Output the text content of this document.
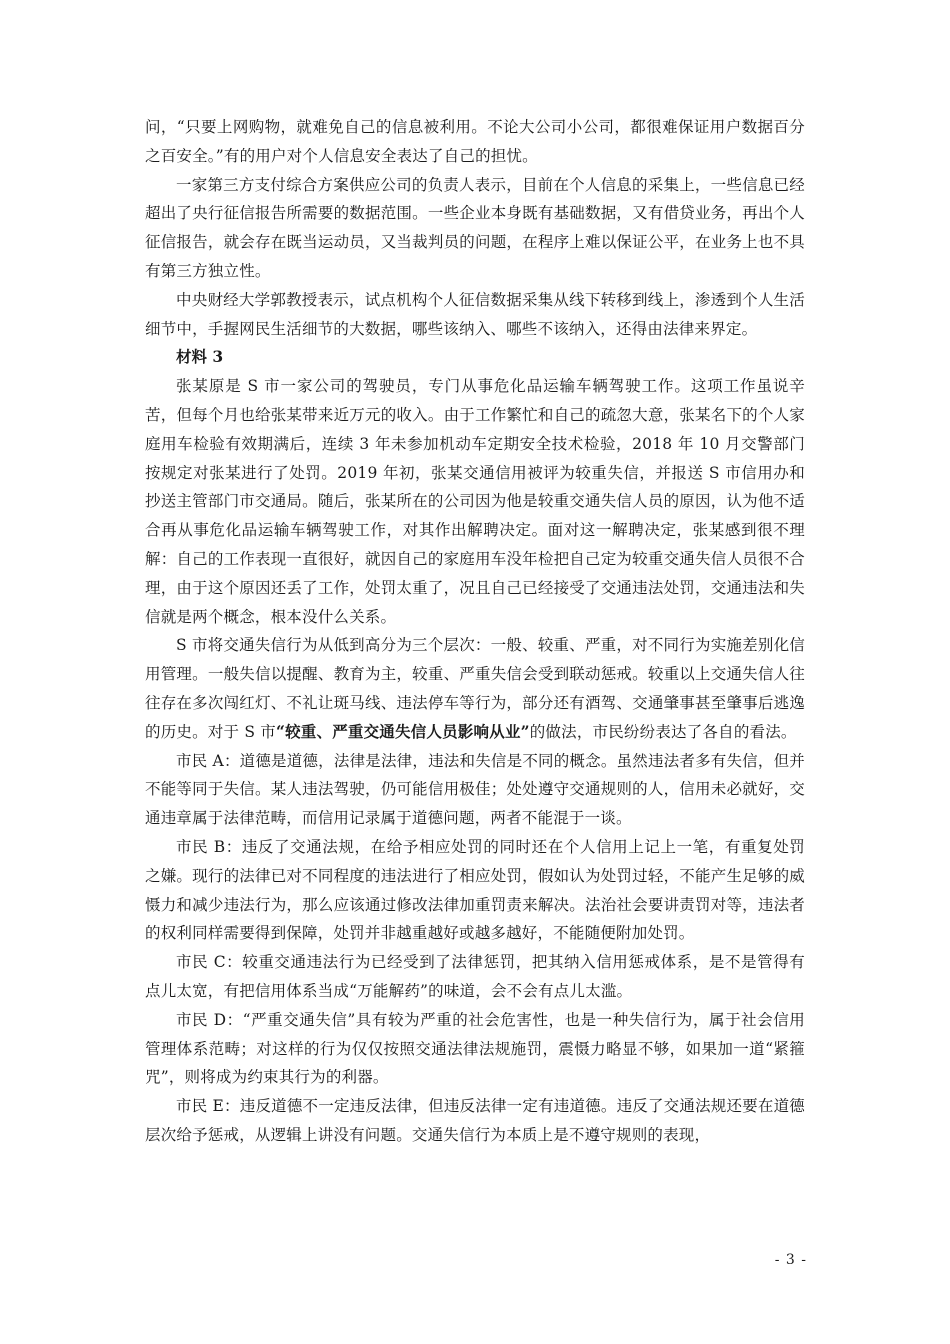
问，“只要上网购物，就难免自己的信息被利用。不论大公司小公司，都很难保证用户数据百分之百安全。”有的用户对个人信息安全表达了自己的担忧。

一家第三方支付综合方案供应公司的负责人表示，目前在个人信息的采集上，一些信息已经超出了央行征信报告所需要的数据范围。一些企业本身既有基础数据，又有借贷业务，再出个人征信报告，就会存在既当运动员，又当裁判员的问题，在程序上难以保证公平，在业务上也不具有第三方独立性。

中央财经大学郭教授表示，试点机构个人征信数据采集从线下转移到线上，渗透到个人生活细节中，手握网民生活细节的大数据，哪些该纳入、哪些不该纳入，还得由法律来界定。

材料 3

张某原是 S 市一家公司的驾驶员，专门从事危化品运输车辆驾驶工作。这项工作虽说辛苦，但每个月也给张某带来近万元的收入。由于工作繁忙和自己的疏忽大意，张某名下的个人家庭用车检验有效期满后，连续 3 年未参加机动车定期安全技术检验，2018 年 10 月交警部门按规定对张某进行了处罚。2019 年初，张某交通信用被评为较重失信，并报送 S 市信用办和抄送主管部门市交通局。随后，张某所在的公司因为他是较重交通失信人员的原因，认为他不适合再从事危化品运输车辆驾驶工作，对其作出解聘决定。面对这一解聘决定，张某感到很不理解：自己的工作表现一直很好，就因自己的家庭用车没年检把自己定为较重交通失信人员很不合理，由于这个原因还丢了工作，处罚太重了，况且自己已经接受了交通违法处罚，交通违法和失信就是两个概念，根本没什么关系。

S 市将交通失信行为从低到高分为三个层次：一般、较重、严重，对不同行为实施差别化信用管理。一般失信以提醒、教育为主，较重、严重失信会受到联动惩戒。较重以上交通失信人往往存在多次闯红灯、不礼让斑马线、违法停车等行为，部分还有酒驾、交通肇事甚至肇事后逃逸的历史。对于 S 市“较重、严重交通失信人员影响从业”的做法，市民纷纷表达了各自的看法。

市民 A：道德是道德，法律是法律，违法和失信是不同的概念。虽然违法者多有失信，但并不能等同于失信。某人违法驾驶，仍可能信用极佳；处处遵守交通规则的人，信用未必就好，交通违章属于法律范畴，而信用记录属于道德问题，两者不能混于一谈。

市民 B：违反了交通法规，在给予相应处罚的同时还在个人信用上记上一笔，有重复处罚之嫌。现行的法律已对不同程度的违法进行了相应处罚，假如认为处罚过轻，不能产生足够的威慑力和减少违法行为，那么应该通过修改法律加重罚责来解决。法治社会要讲责罚对等，违法者的权利同样需要得到保障，处罚并非越重越好或越多越好，不能随便附加处罚。

市民 C：较重交通违法行为已经受到了法律惩罚，把其纳入信用惩戒体系，是不是管得有点儿太宽，有把信用体系当成“万能解药”的味道，会不会有点儿太滥。

市民 D：“严重交通失信”具有较为严重的社会危害性，也是一种失信行为，属于社会信用管理体系范畴；对这样的行为仅仅按照交通法律法规施罚，震慑力略显不够，如果加一道“紧箍咒”，则将成为约束其行为的利器。

市民 E：违反道德不一定违反法律，但违反法律一定有违道德。违反了交通法规还要在道德层次给予惩戒，从逻辑上讲没有问题。交通失信行为本质上是不遵守规则的表现，

- 3 -
